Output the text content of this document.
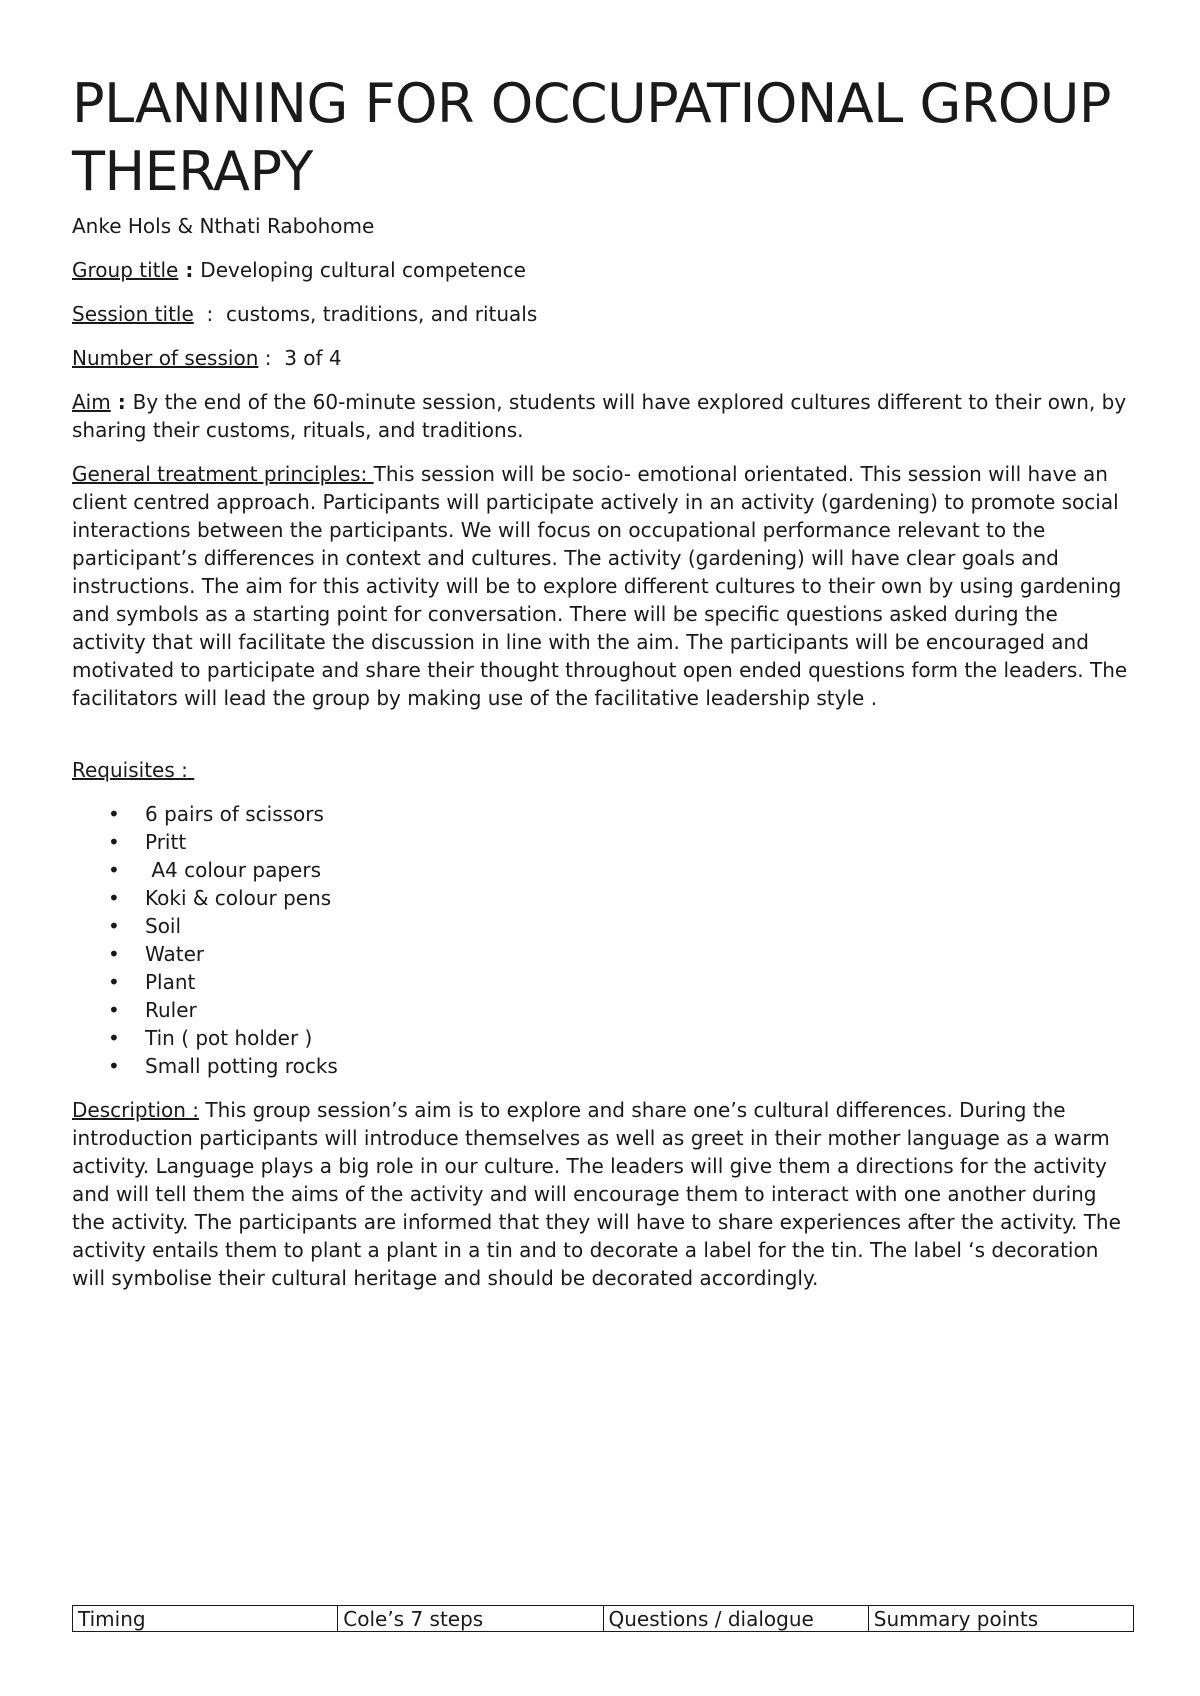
PLANNING FOR OCCUPATIONAL GROUP THERAPY

Anke Hols & Nthati Rabohome

Group title : Developing cultural competence

Session title  :  customs, traditions, and rituals

Number of session :  3 of 4

Aim : By the end of the 60-minute session, students will have explored cultures different to their own, by sharing their customs, rituals, and traditions.

General treatment principles: This session will be socio- emotional orientated. This session will have an client centred approach. Participants will participate actively in an activity (gardening) to promote social interactions between the participants. We will focus on occupational performance relevant to the participant’s differences in context and cultures. The activity (gardening) will have clear goals and instructions. The aim for this activity will be to explore different cultures to their own by using gardening and symbols as a starting point for conversation. There will be specific questions asked during the activity that will facilitate the discussion in line with the aim. The participants will be encouraged and motivated to participate and share their thought throughout open ended questions form the leaders. The facilitators will lead the group by making use of the facilitative leadership style .

Requisites :

• 6 pairs of scissors
• Pritt
• A4 colour papers
• Koki & colour pens
• Soil
• Water
• Plant
• Ruler
• Tin ( pot holder )
• Small potting rocks

Description : This group session’s aim is to explore and share one’s cultural differences. During the introduction participants will introduce themselves as well as greet in their mother language as a warm activity. Language plays a big role in our culture. The leaders will give them a directions for the activity and will tell them the aims of the activity and will encourage them to interact with one another during the activity. The participants are informed that they will have to share experiences after the activity. The activity entails them to plant a plant in a tin and to decorate a label for the tin. The label ‘s decoration will symbolise their cultural heritage and should be decorated accordingly.

Timing	Cole’s 7 steps	Questions / dialogue	Summary points
